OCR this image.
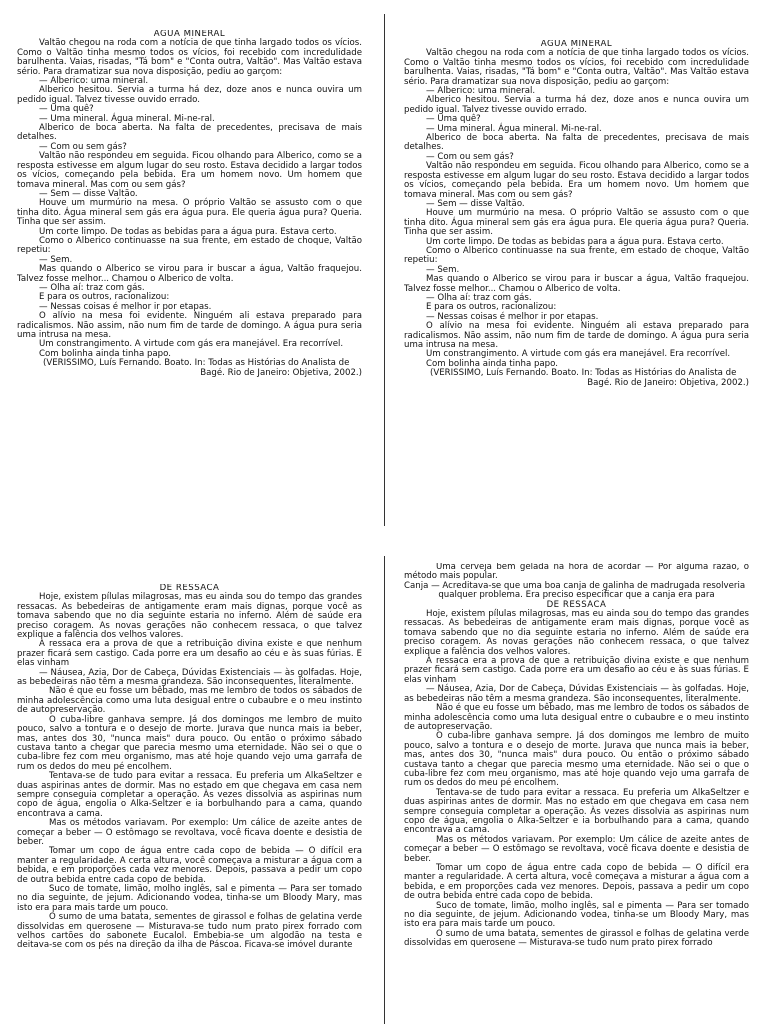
ÁGUA MINERAL

Valtão chegou na roda com a notícia de que tinha largado todos os vícios. Como o Valtão tinha mesmo todos os vícios, foi recebido com incredulidade barulhenta. Vaias, risadas, "Tá bom" e "Conta outra, Valtão". Mas Valtão estava sério. Para dramatizar sua nova disposição, pediu ao garçom:

— Alberico: uma mineral.

Alberico hesitou. Servia a turma há dez, doze anos e nunca ouvira um pedido igual. Talvez tivesse ouvido errado.

— Uma quê?

— Uma mineral. Água mineral. Mi-ne-ral.

Alberico de boca aberta. Na falta de precedentes, precisava de mais detalhes.

— Com ou sem gás?

Valtão não respondeu em seguida. Ficou olhando para Alberico, como se a resposta estivesse em algum lugar do seu rosto. Estava decidido a largar todos os vícios, começando pela bebida. Era um homem novo. Um homem que tomava mineral. Mas com ou sem gás?

— Sem — disse Valtão.

Houve um murmúrio na mesa. O próprio Valtão se assusto com o que tinha dito. Água mineral sem gás era água pura. Ele queria água pura? Queria. Tinha que ser assim.

Um corte limpo. De todas as bebidas para a água pura. Estava certo.

Como o Alberico continuasse na sua frente, em estado de choque, Valtão repetiu:

— Sem.

Mas quando o Alberico se virou para ir buscar a água, Valtão fraquejou. Talvez fosse melhor... Chamou o Alberico de volta.

— Olha aí: traz com gás.

E para os outros, racionalizou:

— Nessas coisas é melhor ir por etapas.

O alívio na mesa foi evidente. Ninguém ali estava preparado para radicalismos. Não assim, não num fim de tarde de domingo. A água pura seria uma intrusa na mesa.

Um constrangimento. A virtude com gás era manejável. Era recorrível.

Com bolinha ainda tinha papo.

(VERISSIMO, Luís Fernando. Boato. In: Todas as Histórias do Analista de

Bagé. Rio de Janeiro: Objetiva, 2002.)

ÁGUA MINERAL

Valtão chegou na roda com a notícia de que tinha largado todos os vícios. Como o Valtão tinha mesmo todos os vícios, foi recebido com incredulidade barulhenta. Vaias, risadas, "Tá bom" e "Conta outra, Valtão". Mas Valtão estava sério. Para dramatizar sua nova disposição, pediu ao garçom:

— Alberico: uma mineral.

Alberico hesitou. Servia a turma há dez, doze anos e nunca ouvira um pedido igual. Talvez tivesse ouvido errado.

— Uma quê?

— Uma mineral. Água mineral. Mi-ne-ral.

Alberico de boca aberta. Na falta de precedentes, precisava de mais detalhes.

— Com ou sem gás?

Valtão não respondeu em seguida. Ficou olhando para Alberico, como se a resposta estivesse em algum lugar do seu rosto. Estava decidido a largar todos os vícios, começando pela bebida. Era um homem novo. Um homem que tomava mineral. Mas com ou sem gás?

— Sem — disse Valtão.

Houve um murmúrio na mesa. O próprio Valtão se assusto com o que tinha dito. Água mineral sem gás era água pura. Ele queria água pura? Queria. Tinha que ser assim.

Um corte limpo. De todas as bebidas para a água pura. Estava certo.

Como o Alberico continuasse na sua frente, em estado de choque, Valtão repetiu:

— Sem.

Mas quando o Alberico se virou para ir buscar a água, Valtão fraquejou. Talvez fosse melhor... Chamou o Alberico de volta.

— Olha aí: traz com gás.

E para os outros, racionalizou:

— Nessas coisas é melhor ir por etapas.

O alívio na mesa foi evidente. Ninguém ali estava preparado para radicalismos. Não assim, não num fim de tarde de domingo. A água pura seria uma intrusa na mesa.

Um constrangimento. A virtude com gás era manejável. Era recorrível.

Com bolinha ainda tinha papo.

(VERISSIMO, Luís Fernando. Boato. In: Todas as Histórias do Analista de

Bagé. Rio de Janeiro: Objetiva, 2002.)

DE RESSACA

Hoje, existem pílulas milagrosas, mas eu ainda sou do tempo das grandes ressacas. As bebedeiras de antigamente eram mais dignas, porque você as tomava sabendo que no dia seguinte estaria no inferno. Além de saúde era preciso coragem. As novas gerações não conhecem ressaca, o que talvez explique a falência dos velhos valores.

A ressaca era a prova de que a retribuição divina existe e que nenhum prazer ficará sem castigo. Cada porre era um desafio ao céu e às suas fúrias. E elas vinham

— Náusea, Azia, Dor de Cabeça, Dúvidas Existenciais — às golfadas. Hoje, as bebedeiras não têm a mesma grandeza. São inconsequentes, literalmente.

Não é que eu fosse um bêbado, mas me lembro de todos os sábados de minha adolescência como uma luta desigual entre o cubaubre e o meu instinto de autopreservação.

O cuba-libre ganhava sempre. Já dos domingos me lembro de muito pouco, salvo a tontura e o desejo de morte. Jurava que nunca mais ia beber, mas, antes dos 30, "nunca mais" dura pouco. Ou então o próximo sábado custava tanto a chegar que parecia mesmo uma eternidade. Não sei o que o cuba-libre fez com meu organismo, mas até hoje quando vejo uma garrafa de rum os dedos do meu pé encolhem.

Tentava-se de tudo para evitar a ressaca. Eu preferia um AlkaSeltzer e duas aspirinas antes de dormir. Mas no estado em que chegava em casa nem sempre conseguia completar a operação. Às vezes dissolvia as aspirinas num copo de água, engolia o Alka-Seltzer e ia borbulhando para a cama, quando encontrava a cama.

Mas os métodos variavam. Por exemplo: Um cálice de azeite antes de começar a beber — O estômago se revoltava, você ficava doente e desistia de beber.

Tomar um copo de água entre cada copo de bebida — O difícil era manter a regularidade. A certa altura, você começava a misturar a água com a bebida, e em proporções cada vez menores. Depois, passava a pedir um copo de outra bebida entre cada copo de bebida.

Suco de tomate, limão, molho inglês, sal e pimenta — Para ser tomado no dia seguinte, de jejum. Adicionando vodea, tinha-se um Bloody Mary, mas isto era para mais tarde um pouco.

O sumo de uma batata, sementes de girassol e folhas de gelatina verde dissolvidas em querosene — Misturava-se tudo num prato pirex forrado com velhos cartões do sabonete Eucalol. Embebia-se um algodão na testa e deitava-se com os pés na direção da ilha de Páscoa. Ficava-se imóvel durante

Uma cerveja bem gelada na hora de acordar — Por alguma razão, o método mais popular.

Canja — Acreditava-se que uma boa canja de galinha de madrugada resolveria

qualquer problema. Era preciso especificar que a canja era para

DE RESSACA

Hoje, existem pílulas milagrosas, mas eu ainda sou do tempo das grandes ressacas. As bebedeiras de antigamente eram mais dignas, porque você as tomava sabendo que no dia seguinte estaria no inferno. Além de saúde era preciso coragem. As novas gerações não conhecem ressaca, o que talvez explique a falência dos velhos valores.

A ressaca era a prova de que a retribuição divina existe e que nenhum prazer ficará sem castigo. Cada porre era um desafio ao céu e às suas fúrias. E elas vinham

— Náusea, Azia, Dor de Cabeça, Dúvidas Existenciais — às golfadas. Hoje, as bebedeiras não têm a mesma grandeza. São inconsequentes, literalmente.

Não é que eu fosse um bêbado, mas me lembro de todos os sábados de minha adolescência como uma luta desigual entre o cubaubre e o meu instinto de autopreservação.

O cuba-libre ganhava sempre. Já dos domingos me lembro de muito pouco, salvo a tontura e o desejo de morte. Jurava que nunca mais ia beber, mas, antes dos 30, "nunca mais" dura pouco. Ou então o próximo sábado custava tanto a chegar que parecia mesmo uma eternidade. Não sei o que o cuba-libre fez com meu organismo, mas até hoje quando vejo uma garrafa de rum os dedos do meu pé encolhem.

Tentava-se de tudo para evitar a ressaca. Eu preferia um AlkaSeltzer e duas aspirinas antes de dormir. Mas no estado em que chegava em casa nem sempre conseguia completar a operação. Às vezes dissolvia as aspirinas num copo de água, engolia o Alka-Seltzer e ia borbulhando para a cama, quando encontrava a cama.

Mas os métodos variavam. Por exemplo: Um cálice de azeite antes de começar a beber — O estômago se revoltava, você ficava doente e desistia de beber.

Tomar um copo de água entre cada copo de bebida — O difícil era manter a regularidade. A certa altura, você começava a misturar a água com a bebida, e em proporções cada vez menores. Depois, passava a pedir um copo de outra bebida entre cada copo de bebida.

Suco de tomate, limão, molho inglês, sal e pimenta — Para ser tomado no dia seguinte, de jejum. Adicionando vodea, tinha-se um Bloody Mary, mas isto era para mais tarde um pouco.

O sumo de uma batata, sementes de girassol e folhas de gelatina verde dissolvidas em querosene — Misturava-se tudo num prato pirex forrado
